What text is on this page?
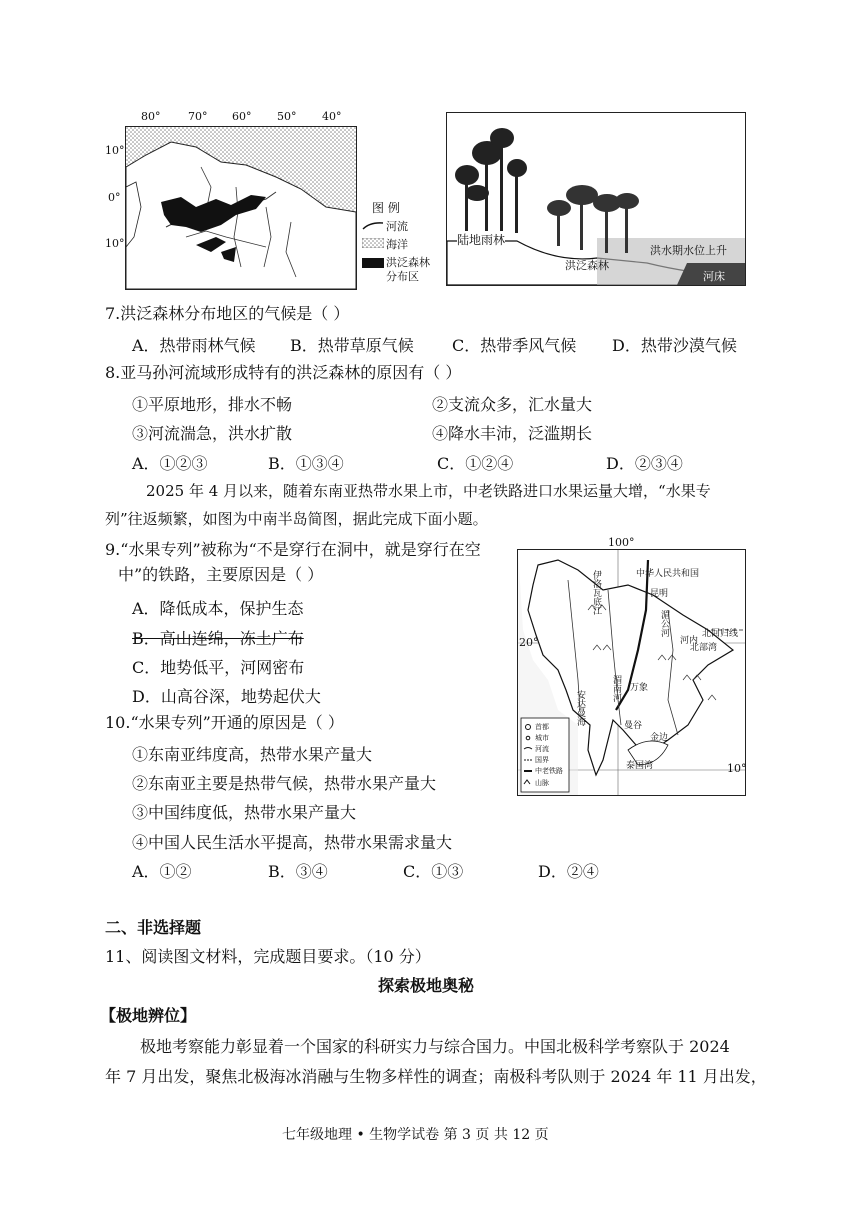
80°	70° 60° 50° 40°
10°
0°
10°
图 例
河流
海洋
洪泛森林
分布区
陆地雨林
洪泛森林
洪水期水位上升
河床
7.洪泛森林分布地区的气候是（ ）
A．热带雨林气候 B．热带草原气候 C．热带季风气候 D．热带沙漠气候
8.亚马孙河流域形成特有的洪泛森林的原因有（ ）
①平原地形，排水不畅	②支流众多，汇水量大
③河流湍急，洪水扩散	④降水丰沛，泛滥期长
A．①②③	B．①③④	C．①②④	D．②③④
2025 年 4 月以来，随着东南亚热带水果上市，中老铁路进口水果运量大增，“水果专
列”往返频繁，如图为中南半岛简图，据此完成下面小题。
9.“水果专列”被称为“不是穿行在洞中，就是穿行在空
中”的铁路，主要原因是（ ）
A．降低成本，保护生态
B．高山连绵，冻土广布
C．地势低平，河网密布
D．山高谷深，地势起伏大
100°
中华人民共和国
昆明
北回归线
北部湾
河内
万象
曼谷
金边
泰国湾
安达曼海
伊洛瓦底江
湄南河
湄公河
首都
城市
河流
国界
中老铁路
山脉
20°
10°
10.“水果专列”开通的原因是（ ）
①东南亚纬度高，热带水果产量大
②东南亚主要是热带气候，热带水果产量大
③中国纬度低，热带水果产量大
④中国人民生活水平提高，热带水果需求量大
A．①②	B．③④	C．①③	D．②④
二、非选择题
11、阅读图文材料，完成题目要求。（10 分）
探索极地奥秘
【极地辨位】
极地考察能力彰显着一个国家的科研实力与综合国力。中国北极科学考察队于 2024
年 7 月出发，聚焦北极海冰消融与生物多样性的调查；南极科考队则于 2024 年 11 月出发，
七年级地理 • 生物学试卷 第 3 页 共 12 页
